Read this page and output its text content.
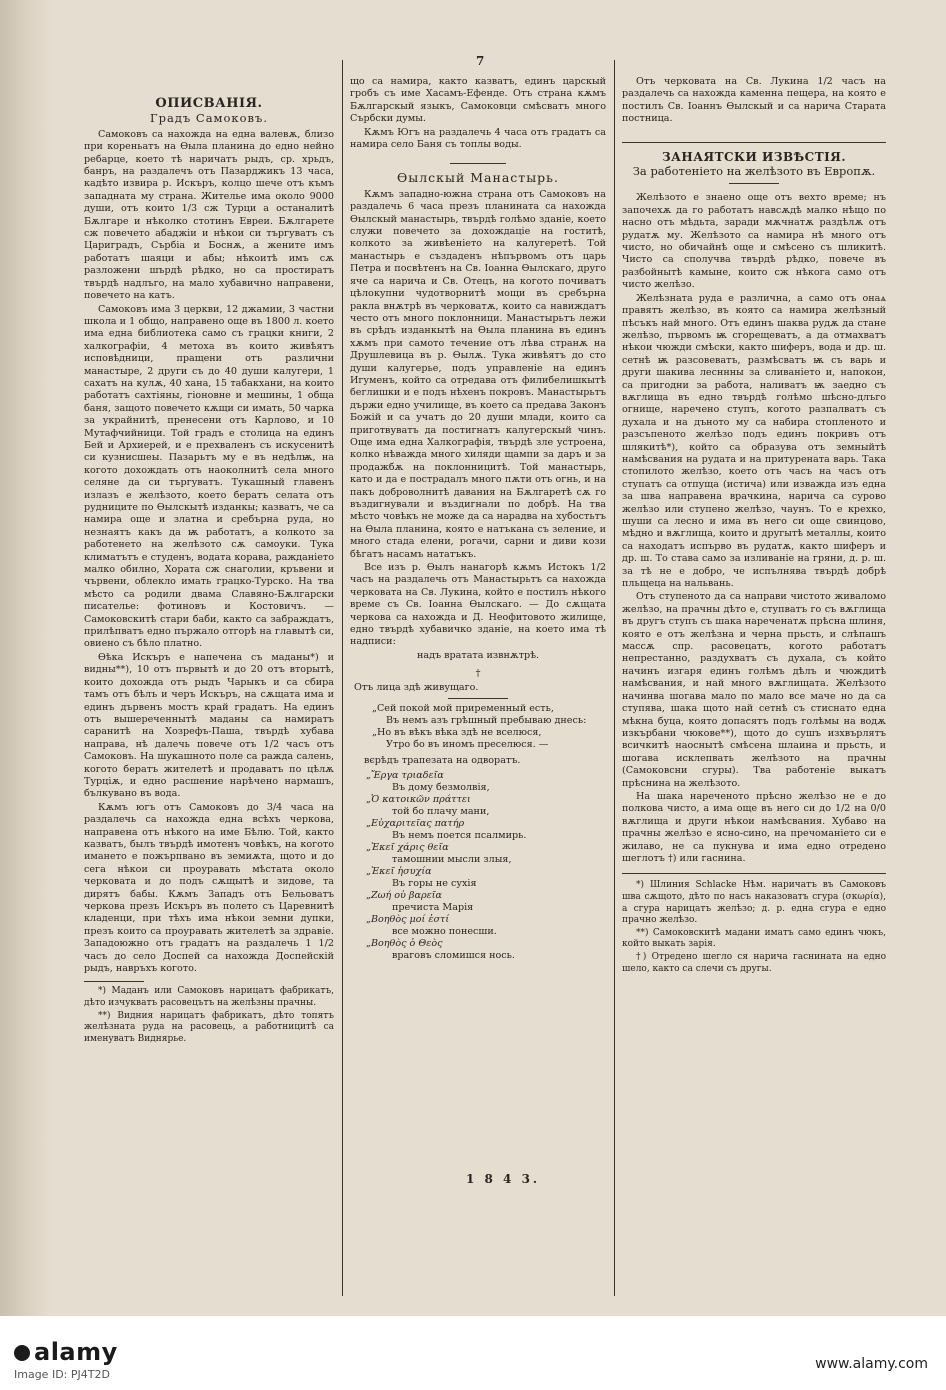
7
ОПИСВАНІЯ.
Градъ Самоковъ.

Самоковъ са нахожда на една валевѫ, близо при кореньатъ на Ѳыла планина до едно нейно ребарце, което тѣ наричатъ рыдъ, ср. хрьдъ, банръ, на раздалечъ отъ Пазарджикъ 13 часа, кадѣто извира р. Искъръ, колцо шече отъ къмъ западната му страна. Жителье има около 9000 души, отъ които 1/3 сж Турци а останалитѣ Бѫлгаре и нѣколко стотинъ Евреи. Бѫлгарете сж повечето абаджіи и нѣкои си търгуватъ съ Цариградъ, Сърбіа и Боснѫ, а жените имъ работатъ шаяци и абы; нѣкоитѣ имъ сѫ разложени шърдѣ рѣдко, но са простиратъ твърдѣ надлъго, на мало хубавично направени, повечето на катъ.

Самоковъ има 3 церкви, 12 джамии, 3 частни школа и 1 общо, направено още въ 1800 л. което има една библиотека само съ грацки книги, 2 халкографіи, 4 метоха въ които живѣятъ исповѣдници, пращени отъ различни манастыре, 2 други съ до 40 души калугери, 1 сахатъ на кулѫ, 40 хана, 15 табакхани, на които работатъ сахтіяны, гіоновне и мешины, 1 обща баня, защото повечето кѫщи си имать, 50 чарка за украйнитѣ, пренесени отъ Карлово, и 10 Мутафчийници. Той градъ е столица на единъ Бей и Архиерей, и е прехваленъ съ искусенитѣ си кузнисшеы. Пазарьтъ му е въ недѣлѭ, на когото дохождать отъ наоколнитѣ села много селяне да си търгуватъ. Тукашный главенъ излазъ е желѣзото, което бератъ селата отъ рудниците по Ѳылскытѣ изданкы; казватъ, че са намира още и златна и сребърна руда, но незнаятъ какъ да ѭ работатъ, а колкото за работенето на желѣзото сѫ самоуки. Тука климатътъ е студенъ, водата корава, ражданіето малко обилно, Хората сж снаголии, кръвени и чървени, облекло имать грацко-Турско. На тва мѣсто са родили двама Славяно-Бѫлгарски писателье: фотиновъ и Костовичъ. — Самоковскитѣ стари баби, както са забраждатъ, прилѣпватъ едно пържало отгорѣ на главытѣ си, овиено съ бѣло платно.

Ѳѣка Искъръ е напечена съ маданы*) и видны**), 10 отъ първытѣ и до 20 отъ вторытѣ, които дохожда отъ рыдъ Чарыкъ и са сбира тамъ отъ бѣлъ и черъ Искъръ, на сѫщата има и единъ дървенъ мостъ край градатъ. На единъ отъ вышереченнытѣ маданы са намиратъ саранитѣ на Хозрефъ-Паша, твърдѣ хубава направа, нѣ далечь повече отъ 1/2 часъ отъ Самоковъ. На шукашното поле са ражда салень, когото бератъ жителетѣ и продаватъ по цѣлѫ Турціѫ, и едно расшение нарѣчено нармашъ, бълкувано въ вода.

Кѫмъ югъ отъ Самоковъ до 3/4 часа на раздалечь са нахожда една всѣхъ черкова, направена отъ нѣкого на име Бѣлю. Той, както казватъ, былъ твърдѣ имотенъ човѣкъ, на когото имането е пожърпвано въ земиѫта, щото и до сега нѣкои си проуравать мѣстата около черковата и до подъ сѫщытѣ и зидове, та дирятъ бабы. Кѫмъ Западъ отъ Бельоватъ черкова презъ Искъръ въ полето съ Царевнитѣ кладенци, при тѣхъ има нѣкои земни дупки, презъ които са проуравать жителетѣ за здравіе. Западоюжно отъ градатъ на раздалечь 1 1/2 часъ до село Доспей са нахожда Доспейскій рыдъ, навръхъ когото.

*) Маданъ или Самоковъ нарицатъ фабрикатъ, дѣто изчукватъ расовецътъ на желѣзны прачны.

**) Видния нарицатъ фабрикатъ, дѣто топятъ желѣзната руда на расовець, а работницитѣ са именуватъ Виднярье.

що са намира, както казватъ, единъ царскый гробъ съ име Хасамъ-Ефенде. Отъ страна кѫмъ Бѫлгарскый языкъ, Самоковци смѣсватъ много Сърбски думы.

Кѫмъ Югъ на раздалечь 4 часа отъ градатъ са намира село Баня съ топлы воды.

Ѳылскый Манастырь.

Кѫмъ западно-южна страна отъ Самоковъ на раздалечь 6 часа презъ планината са нахожда Ѳылскый манастырь, твърдѣ голѣмо зданіе, което служи повечето за дохождаціе на гоститѣ, колкото за живѣеніето на калугеретѣ. Той манастырь е създаденъ нѣпървомъ отъ царь Петра и посвѣтенъ на Св. Іоанна Ѳылскаго, друго яче са нарича и Св. Отецъ, на когото почиватъ цѣлокупни чудотворнитѣ мощи въ сребърна ракла внѫтрѣ въ черковатѫ, които са навиждатъ често отъ много поклонници. Манастырьтъ лежи въ срѣдъ изданкытѣ на Ѳыла планина въ единъ хѫмъ при самото течение отъ лѣва странѫ на Друшлевица въ р. Ѳылѫ. Тука живѣятъ до сто души калугерье, подъ управленіе на единъ Игуменъ, който са отредава отъ филибелишкытѣ беглишки и е подъ нѣхенъ покровъ. Манастырьтъ държи едно училище, въ което са предава Законъ Божій и са учатъ до 20 души млади, които са приготвуватъ да постигнатъ калугерскый чинъ. Още има една Халкографія, твърдѣ зле устроена, колко нѣважда много хиляди щампи за даръ и за продажбѫ на поклонницитѣ. Той манастырь, като и да е пострадалъ много пѫти отъ огнь, и на пакъ доброволнитѣ давания на Бѫлгаретѣ сѫ го въздигнували и въздигнали по добрѣ. На тва мѣсто човѣкъ не може да са нарадва на хубостьтъ на Ѳыла планина, която е натъкана съ зеление, и много стада елени, рогачи, сарни и диви кози бѣгатъ насамъ нататъкъ.

Все изъ р. Ѳылъ нанагорѣ кѫмъ Истокъ 1/2 часъ на раздалечь отъ Манастырьтъ са нахожда черковата на Св. Лукина, който е постилъ нѣкого време съ Св. Іоанна Ѳылскаго. — До сѫщата черкова са нахожда и Д. Неофитовото жилище, едно твърдѣ хубавичко зданіе, на коетo има тѣ надписи:

надъ вратата извнѫтрѣ.

†

Отъ лица здѣ живущаго.

„Сей покой мой приременный есть,
Въ немъ азъ грѣшный пребываю днесь:
„Но въ вѣкъ вѣка здѣ не вселюся,
Утро бо въ иномъ преселюся. —

вєрѣдъ трапезата на одворатъ.

„Ἔργα τριαδεῖα
Въ дому безмолвія,
„Ὁ κατοικῶν πράττει
той бо плачу мани,
„Εὐχαριτεῖας πατήρ
Въ немъ поется псалмирь.
„Ἐκεῖ χάρις θεῖα
тамошнии мысли злыя,
„Ἐκεῖ ἡσυχία
Въ горы не сухія
„Ζωή οὐ βαρεῖα
пречиста Марія
„Βοηθὸς μοί ἐστί
все можно понесши.
„Βοηθὸς ὁ Θεὸς
враговъ сломишся нось.
1 8 4 3.

Отъ черковата на Св. Лукина 1/2 часъ на раздалечь са нахожда каменна пещера, на която е постилъ Св. Іоаннъ Ѳылскый и са нарича Старата постница.

ЗАНАЯТСКИ ИЗВѢСТІЯ.
За работеніето на желѣзото въ Европѫ.

Желѣзото е знаено още отъ вехто време; нъ започехѫ да го работатъ навсѫдѣ малко нѣщо по насно отъ мѣдьта, заради мѫчнатѫ раздѣлѫ отъ рудатѫ му. Желѣзото са намира нѣ много отъ чисто, но обичайнѣ още и смѣсено съ шликитѣ. Чисто са сполучва твърдѣ рѣдко, повече въ разбойнытѣ камыне, които сж нѣкога само отъ чисто желѣзо.

Желѣзната руда е различна, а само отъ онаѧ правятъ желѣзо, въ която са намира желѣзный пѣсъкъ най много. Отъ единъ шаква рудѫ да стане желѣзо, първомъ ѭ сгорещеватъ, а да отмахватъ нѣкои чюжди смѣски, както шиферъ, вода и др. ш. сетнѣ ѭ разсовеватъ, размѣсватъ ѭ съ варь и други шакива лесннны за сливаніето и, напокон, са пригодни за работа, наливатъ ѭ заедно съ вѫглища въ едно твърдѣ голѣмо шѣсно-длъго огнище, наречено ступъ, когото разпалватъ съ духала и на дъното му са набира стопленото и разсъпеното желѣзо подъ единъ покривъ отъ шлякитѣ*), който са образува отъ земныйтѣ намѣсвания на рудата и на притурената варь. Така стопилото желѣзо, което отъ часъ на часъ отъ ступатъ са отпуща (истича) или изважда изъ една за шва направена врачкина, нарича са сурово желѣзо или ступено желѣзо, чаунъ. То е крехко, шуши са лесно и има въ него си още свинцово, мѣдно и вѫглища, които и другытѣ металлы, които са находатъ испърво въ рудатѫ, както шиферъ и др. ш. То става само за изливаніе на гряни, д. р. ш. за тѣ не е добро, че испълнява твърдѣ добрѣ пльщеца на нальвань.

Отъ ступеното да са направи чистото живаломо желѣзо, на прачны дѣто е, ступватъ го съ вѫглища въ другъ ступъ съ шака нареченатѫ прѣсна шлиня, която е отъ желѣзна и черна прьсть, и слѣпашъ массѫ спр. расовецатъ, когото работатъ непрестанно, раздухватъ съ духала, съ който начинъ изгаря единъ голѣмъ дѣлъ и чюждитѣ намѣсвания, и най много вѫглищата. Желѣзото начинва шогава мало по мало все маче но да са ступява, шака щото най сетнѣ съ стиснато една мѣкна буца, която допасятъ подъ голѣмы на водѫ изкърбани чюкове**), щото до сушъ изхвърлятъ всичкитѣ наоснытѣ смѣсена шлаина и прьсть, и шогава исклепвать желѣзото на прачны (Самоковсни сгуры). Тва работеніе выкатъ прѣснина на желѣзото.

На шака нареченото прѣсно желѣзо не е до полкова чисто, а има още въ него си до 1/2 на 0/0 вѫглища и други нѣкои намѣсвания. Хубаво на прачны желѣзо е ясно-сино, на пречоманіето си е жилаво, не са пукнува и има едно отредено шеглотъ †) или гаснина.

*) Шлиния Schlacke Нѣм. наричатъ въ Самоковъ шва сѫщото, дѣто по насъ наказоватъ сгура (σκωρία), а сгура нарицатъ желѣзо; д. р. една сгура е едно прачно желѣзо.

**) Самоковскитѣ мадани иматъ само единъ чюкъ, който выкать зарія.

†) Отредено шегло ся нарича гаснината на едно шело, както са слечи съ другы.

alamy
Image ID: PJ4T2D
www.alamy.com
